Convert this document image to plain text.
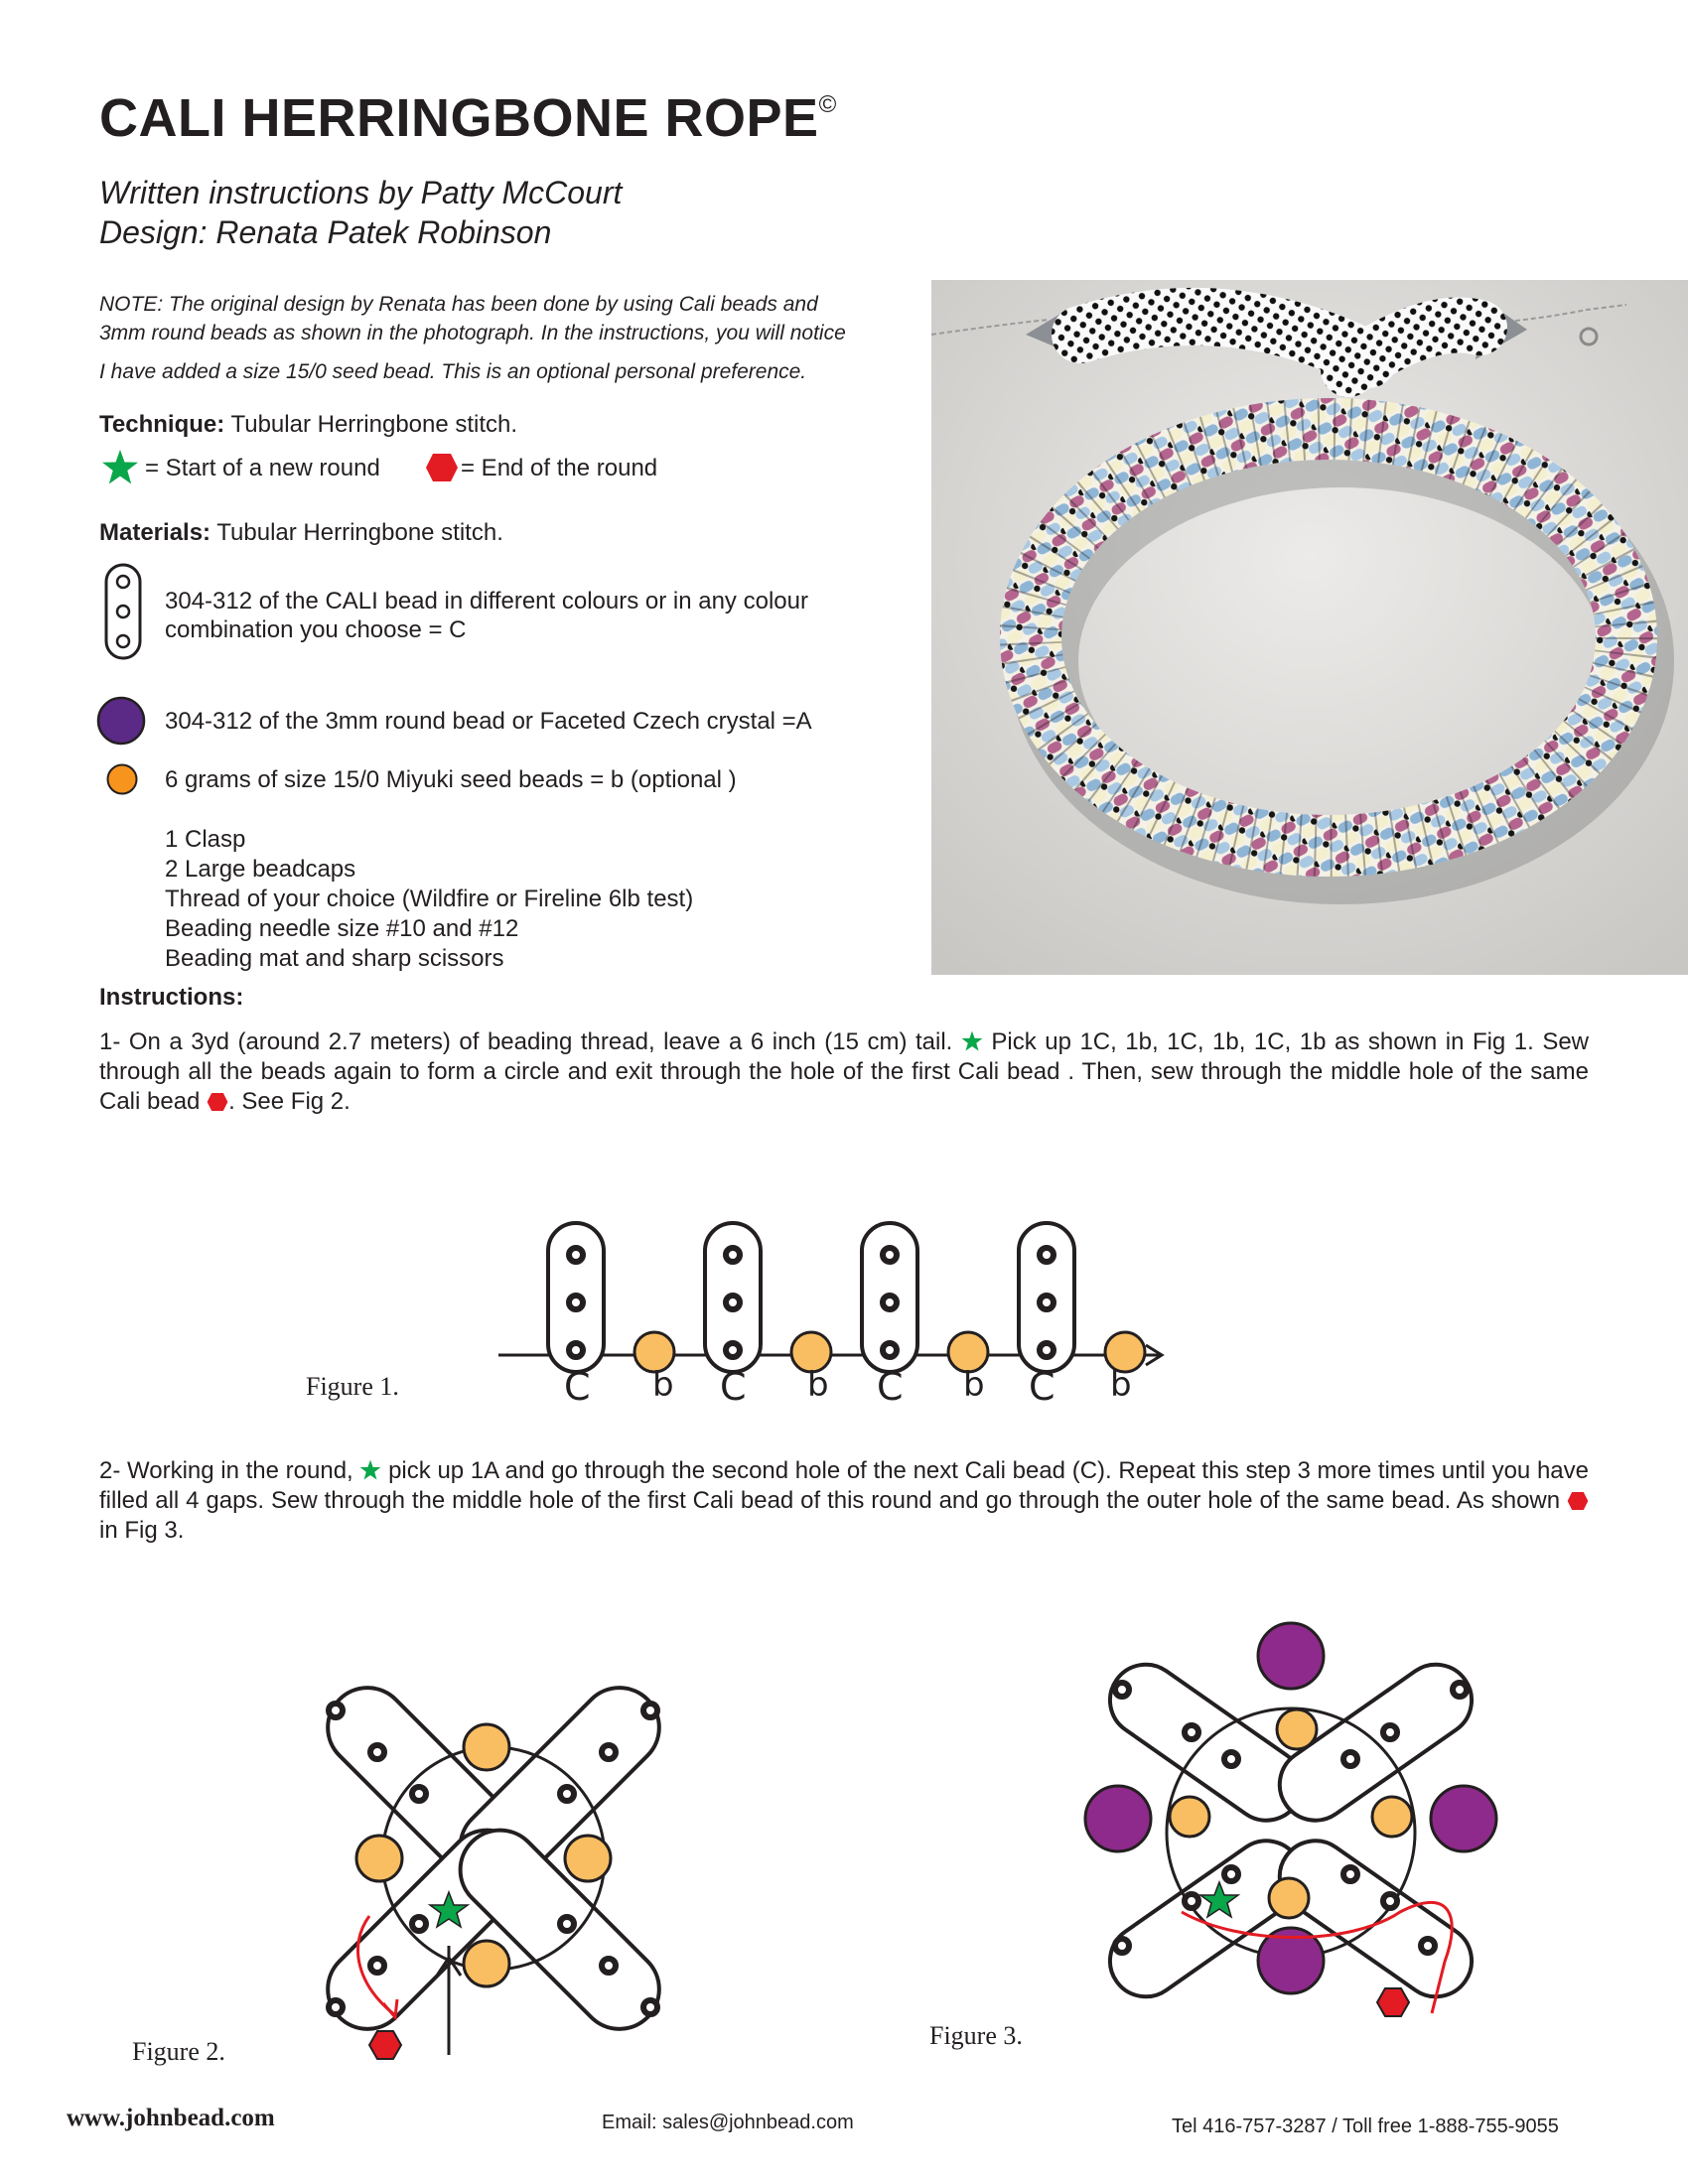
CALI HERRINGBONE ROPE©
Written instructions by Patty McCourt
Design: Renata Patek Robinson
NOTE: The original design by Renata has been done by using Cali beads and
3mm round beads as shown in the photograph. In the instructions, you will notice
I have added a size 15/0 seed bead. This is an optional personal preference.
Technique: Tubular Herringbone stitch.
= Start of a new round	= End of the round
Materials: Tubular Herringbone stitch.
304-312 of the CALI bead in different colours or in any colour
combination you choose = C
304-312 of the 3mm round bead or Faceted Czech crystal =A
6 grams of size 15/0 Miyuki seed beads = b (optional )
1 Clasp
2 Large beadcaps
Thread of your choice (Wildfire or Fireline 6lb test)
Beading needle size #10 and #12
Beading mat and sharp scissors
Instructions:
1- On a 3yd (around 2.7 meters) of beading thread, leave a 6 inch (15 cm) tail.  Pick up 1C, 1b, 1C, 1b, 1C, 1b as shown in Fig 1. Sew through all the beads again to form a circle and exit through the hole of the first Cali bead . Then, sew through the middle hole of the same Cali bead . See Fig 2.
C b C b C b C b
Figure 1.
2- Working in the round,  pick up 1A and go through the second hole of the next Cali bead (C). Repeat this step 3 more times until you have filled all 4 gaps. Sew through the middle hole of the first Cali bead of this round and go through the outer hole of the same bead. As shown  in Fig 3.
Figure 2.
Figure 3.
www.johnbead.com	Email: sales@johnbead.com	Tel 416-757-3287 / Toll free 1-888-755-9055
